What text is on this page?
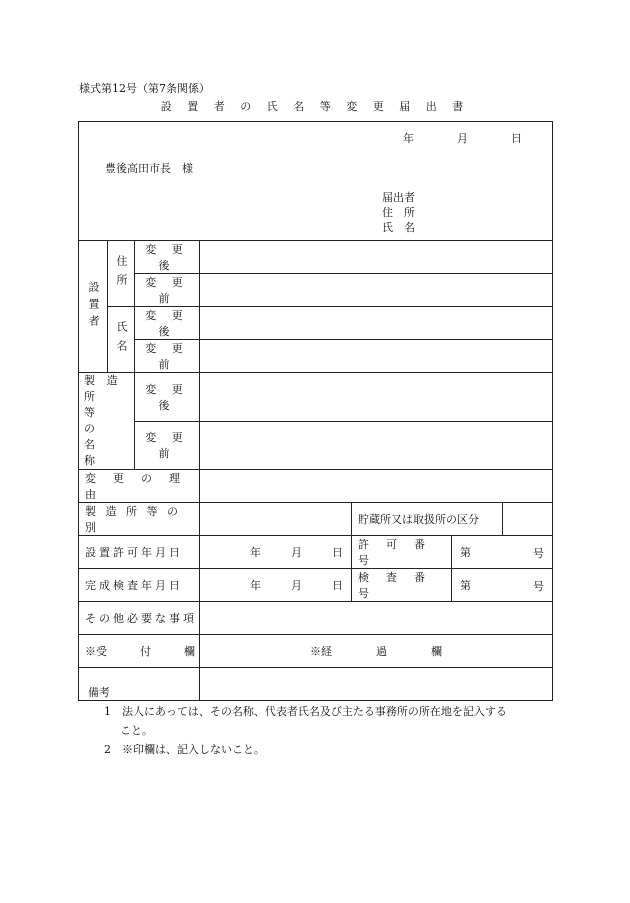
様式第12号（第7条関係）
設 置 者 の 氏 名 等 変 更 届 出 書
年 月 日
豊後高田市長　様
届出者
住　所
氏　名						

設置者	住所	変 更 後				
		変 更 前				

	氏名	変 更 後				
		変 更 前				

製 造 所
等　 の
名　　称		変 更 後				
		変 更 前				
変　更　の　理　由						
製 造 所 等 の 別				貯蔵所又は取扱所の区分		
設置許可年月日			年 月 日	許　可　番　号	第 号	

完成検査年月日			年 月 日	検　査　番　号	第 号	

その他必要な事項						
※受　　　付　　　欄			※経　　　　過　　　　欄			

備考
1　 法人にあっては、その名称、代表者氏名及び主たる事務所の所在地を記入する
こと。
2　 ※印欄は、記入しないこと。
